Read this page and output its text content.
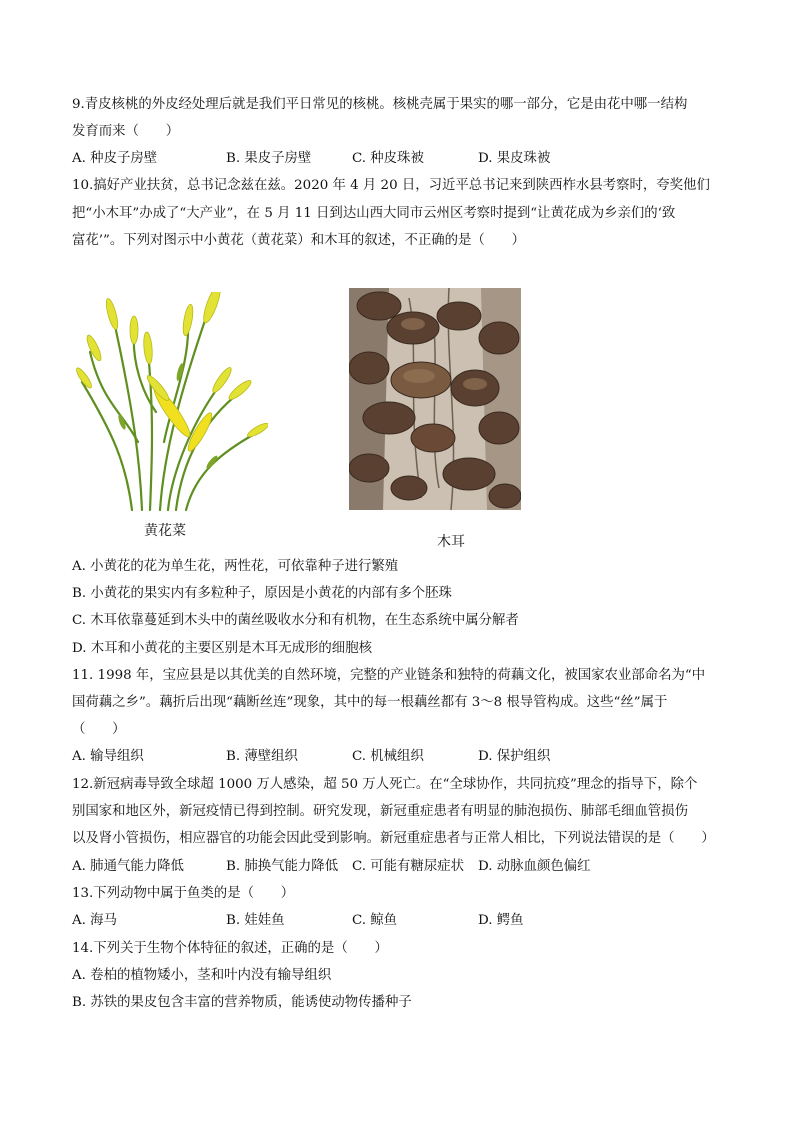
9.青皮核桃的外皮经处理后就是我们平日常见的核桃。核桃壳属于果实的哪一部分，它是由花中哪一结构
发育而来（　　）
A. 种皮子房壁	B. 果皮子房壁	C. 种皮珠被	D. 果皮珠被
10.搞好产业扶贫，总书记念兹在兹。2020 年 4 月 20 日，习近平总书记来到陕西柞水县考察时，夸奖他们
把“小木耳”办成了“大产业”，在 5 月 11 日到达山西大同市云州区考察时提到“让黄花成为乡亲们的‘致
富花’”。下列对图示中小黄花（黄花菜）和木耳的叙述，不正确的是（　　）
黄花菜
木耳
A. 小黄花的花为单生花，两性花，可依靠种子进行繁殖
B. 小黄花的果实内有多粒种子，原因是小黄花的内部有多个胚珠
C. 木耳依靠蔓延到木头中的菌丝吸收水分和有机物，在生态系统中属分解者
D. 木耳和小黄花的主要区别是木耳无成形的细胞核
11. 1998 年，宝应县是以其优美的自然环境，完整的产业链条和独特的荷藕文化，被国家农业部命名为“中
国荷藕之乡”。藕折后出现“藕断丝连”现象，其中的每一根藕丝都有 3～8 根导管构成。这些“丝”属于
（　　）
A. 输导组织	B. 薄壁组织	C. 机械组织	D. 保护组织
12.新冠病毒导致全球超 1000 万人感染，超 50 万人死亡。在“全球协作，共同抗疫”理念的指导下，除个
别国家和地区外，新冠疫情已得到控制。研究发现，新冠重症患者有明显的肺泡损伤、肺部毛细血管损伤
以及肾小管损伤，相应器官的功能会因此受到影响。新冠重症患者与正常人相比，下列说法错误的是（　　）
A. 肺通气能力降低	B. 肺换气能力降低 C. 可能有糖尿症状 D. 动脉血颜色偏红
13.下列动物中属于鱼类的是（　　）
A. 海马	B. 娃娃鱼	C. 鲸鱼	D. 鳄鱼
14.下列关于生物个体特征的叙述，正确的是（　　）
A. 卷柏的植物矮小，茎和叶内没有输导组织
B. 苏铁的果皮包含丰富的营养物质，能诱使动物传播种子
